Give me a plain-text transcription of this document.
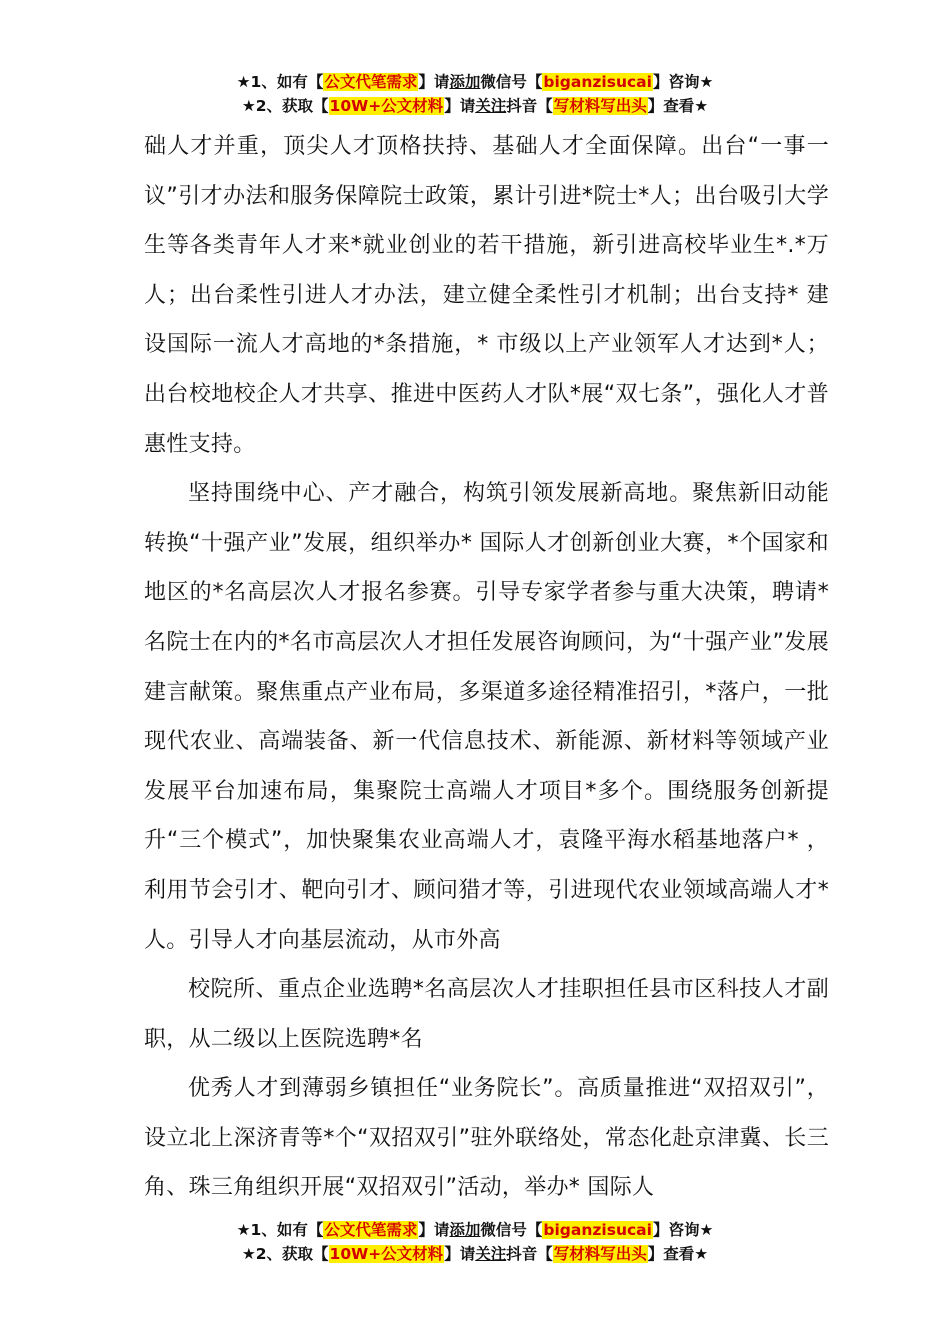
★1、如有【公文代笔需求】请添加微信号【biganzisucai】咨询★
★2、获取【10W+公文材料】请关注抖音【写材料写出头】查看★

础人才并重，顶尖人才顶格扶持、基础人才全面保障。出台“一事一议”引才办法和服务保障院士政策，累计引进*院士*人；出台吸引大学生等各类青年人才来*就业创业的若干措施，新引进高校毕业生*.*万人；出台柔性引进人才办法，建立健全柔性引才机制；出台支持* 建设国际一流人才高地的*条措施，* 市级以上产业领军人才达到*人；出台校地校企人才共享、推进中医药人才队*展“双七条”，强化人才普惠性支持。

坚持围绕中心、产才融合，构筑引领发展新高地。聚焦新旧动能转换“十强产业”发展，组织举办* 国际人才创新创业大赛，*个国家和地区的*名高层次人才报名参赛。引导专家学者参与重大决策，聘请*名院士在内的*名市高层次人才担任发展咨询顾问，为“十强产业”发展建言献策。聚焦重点产业布局，多渠道多途径精准招引，*落户，一批现代农业、高端装备、新一代信息技术、新能源、新材料等领域产业发展平台加速布局，集聚院士高端人才项目*多个。围绕服务创新提升“三个模式”，加快聚集农业高端人才，袁隆平海水稻基地落户* ，利用节会引才、靶向引才、顾问猎才等，引进现代农业领域高端人才*人。引导人才向基层流动，从市外高

校院所、重点企业选聘*名高层次人才挂职担任县市区科技人才副职，从二级以上医院选聘*名

优秀人才到薄弱乡镇担任“业务院长”。高质量推进“双招双引”，设立北上深济青等*个“双招双引”驻外联络处，常态化赴京津冀、长三角、珠三角组织开展“双招双引”活动，举办* 国际人

★1、如有【公文代笔需求】请添加微信号【biganzisucai】咨询★
★2、获取【10W+公文材料】请关注抖音【写材料写出头】查看★
